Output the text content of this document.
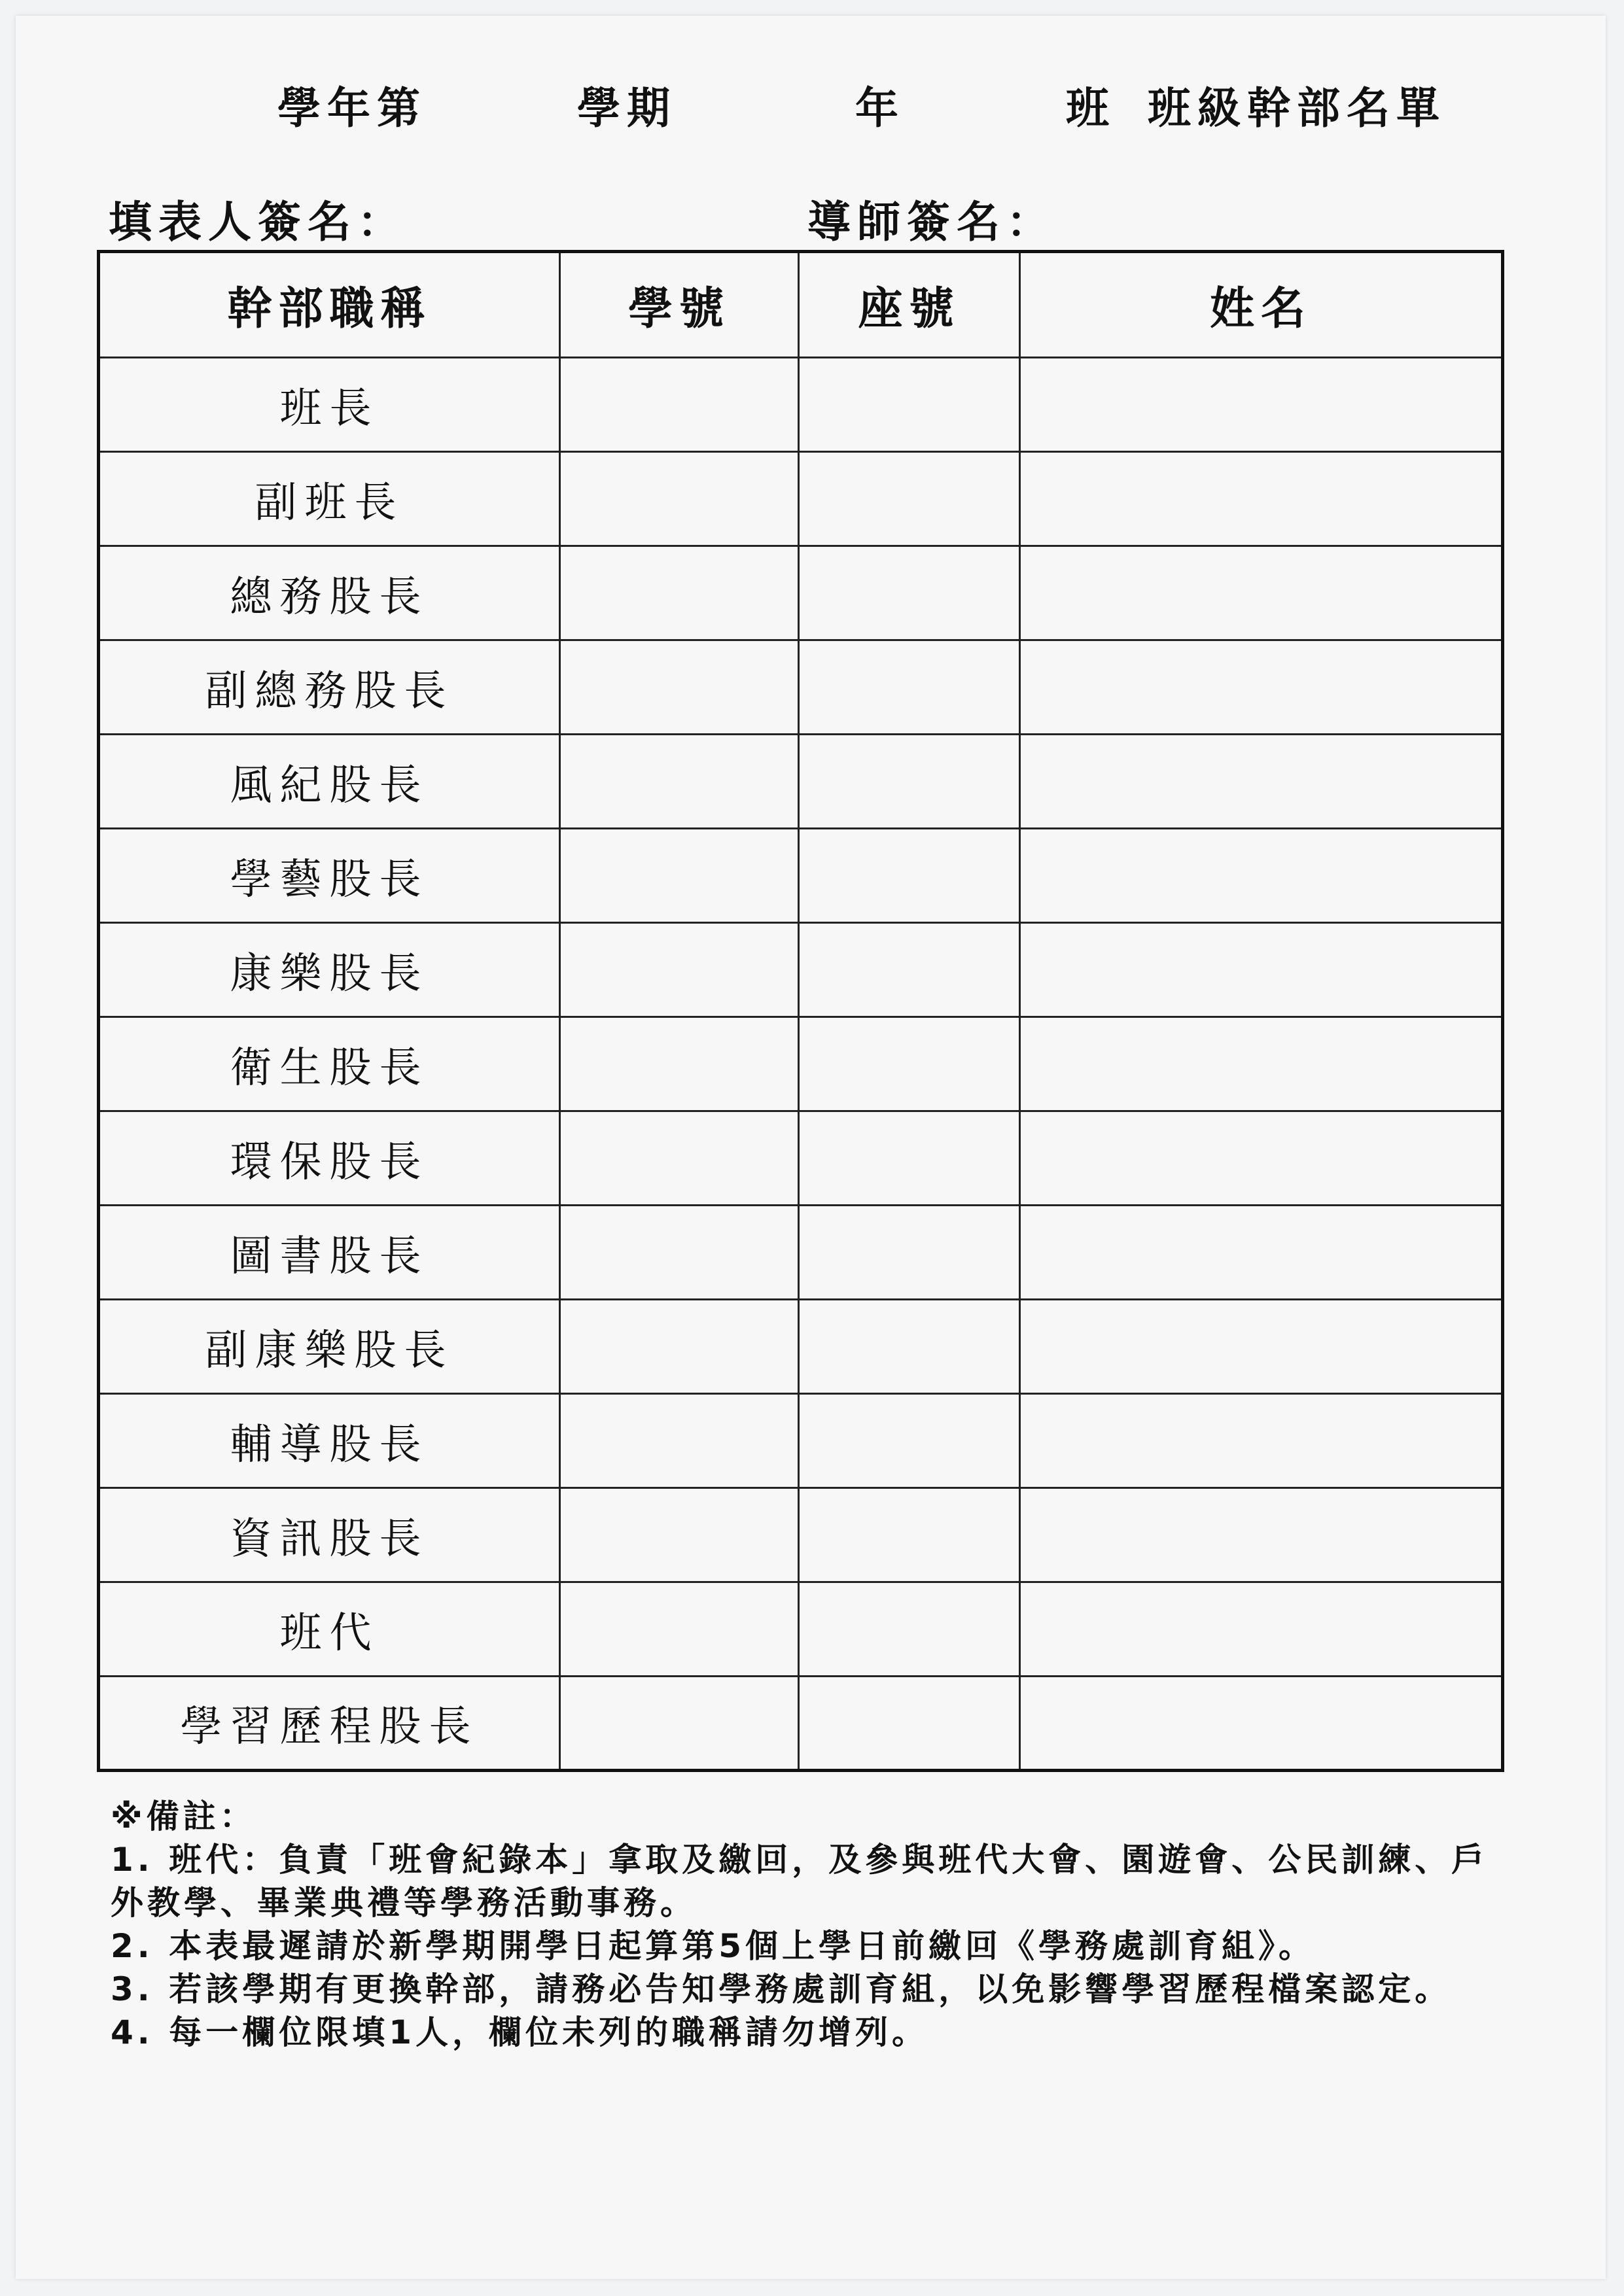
學年第	學期	年	班 班級幹部名單
填表人簽名：	導師簽名：
幹部職稱	學號	座號	姓名
班長			
副班長			
總務股長			
副總務股長			
風紀股長			
學藝股長			
康樂股長			
衛生股長			
環保股長			
圖書股長			
副康樂股長			
輔導股長			
資訊股長			
班代			
學習歷程股長			
※備註：
1. 班代：負責「班會紀錄本」拿取及繳回，及參與班代大會、園遊會、公民訓練、戶外教學、畢業典禮等學務活動事務。
2. 本表最遲請於新學期開學日起算第5個上學日前繳回《學務處訓育組》。
3. 若該學期有更換幹部，請務必告知學務處訓育組，以免影響學習歷程檔案認定。
4. 每一欄位限填1人，欄位未列的職稱請勿增列。
